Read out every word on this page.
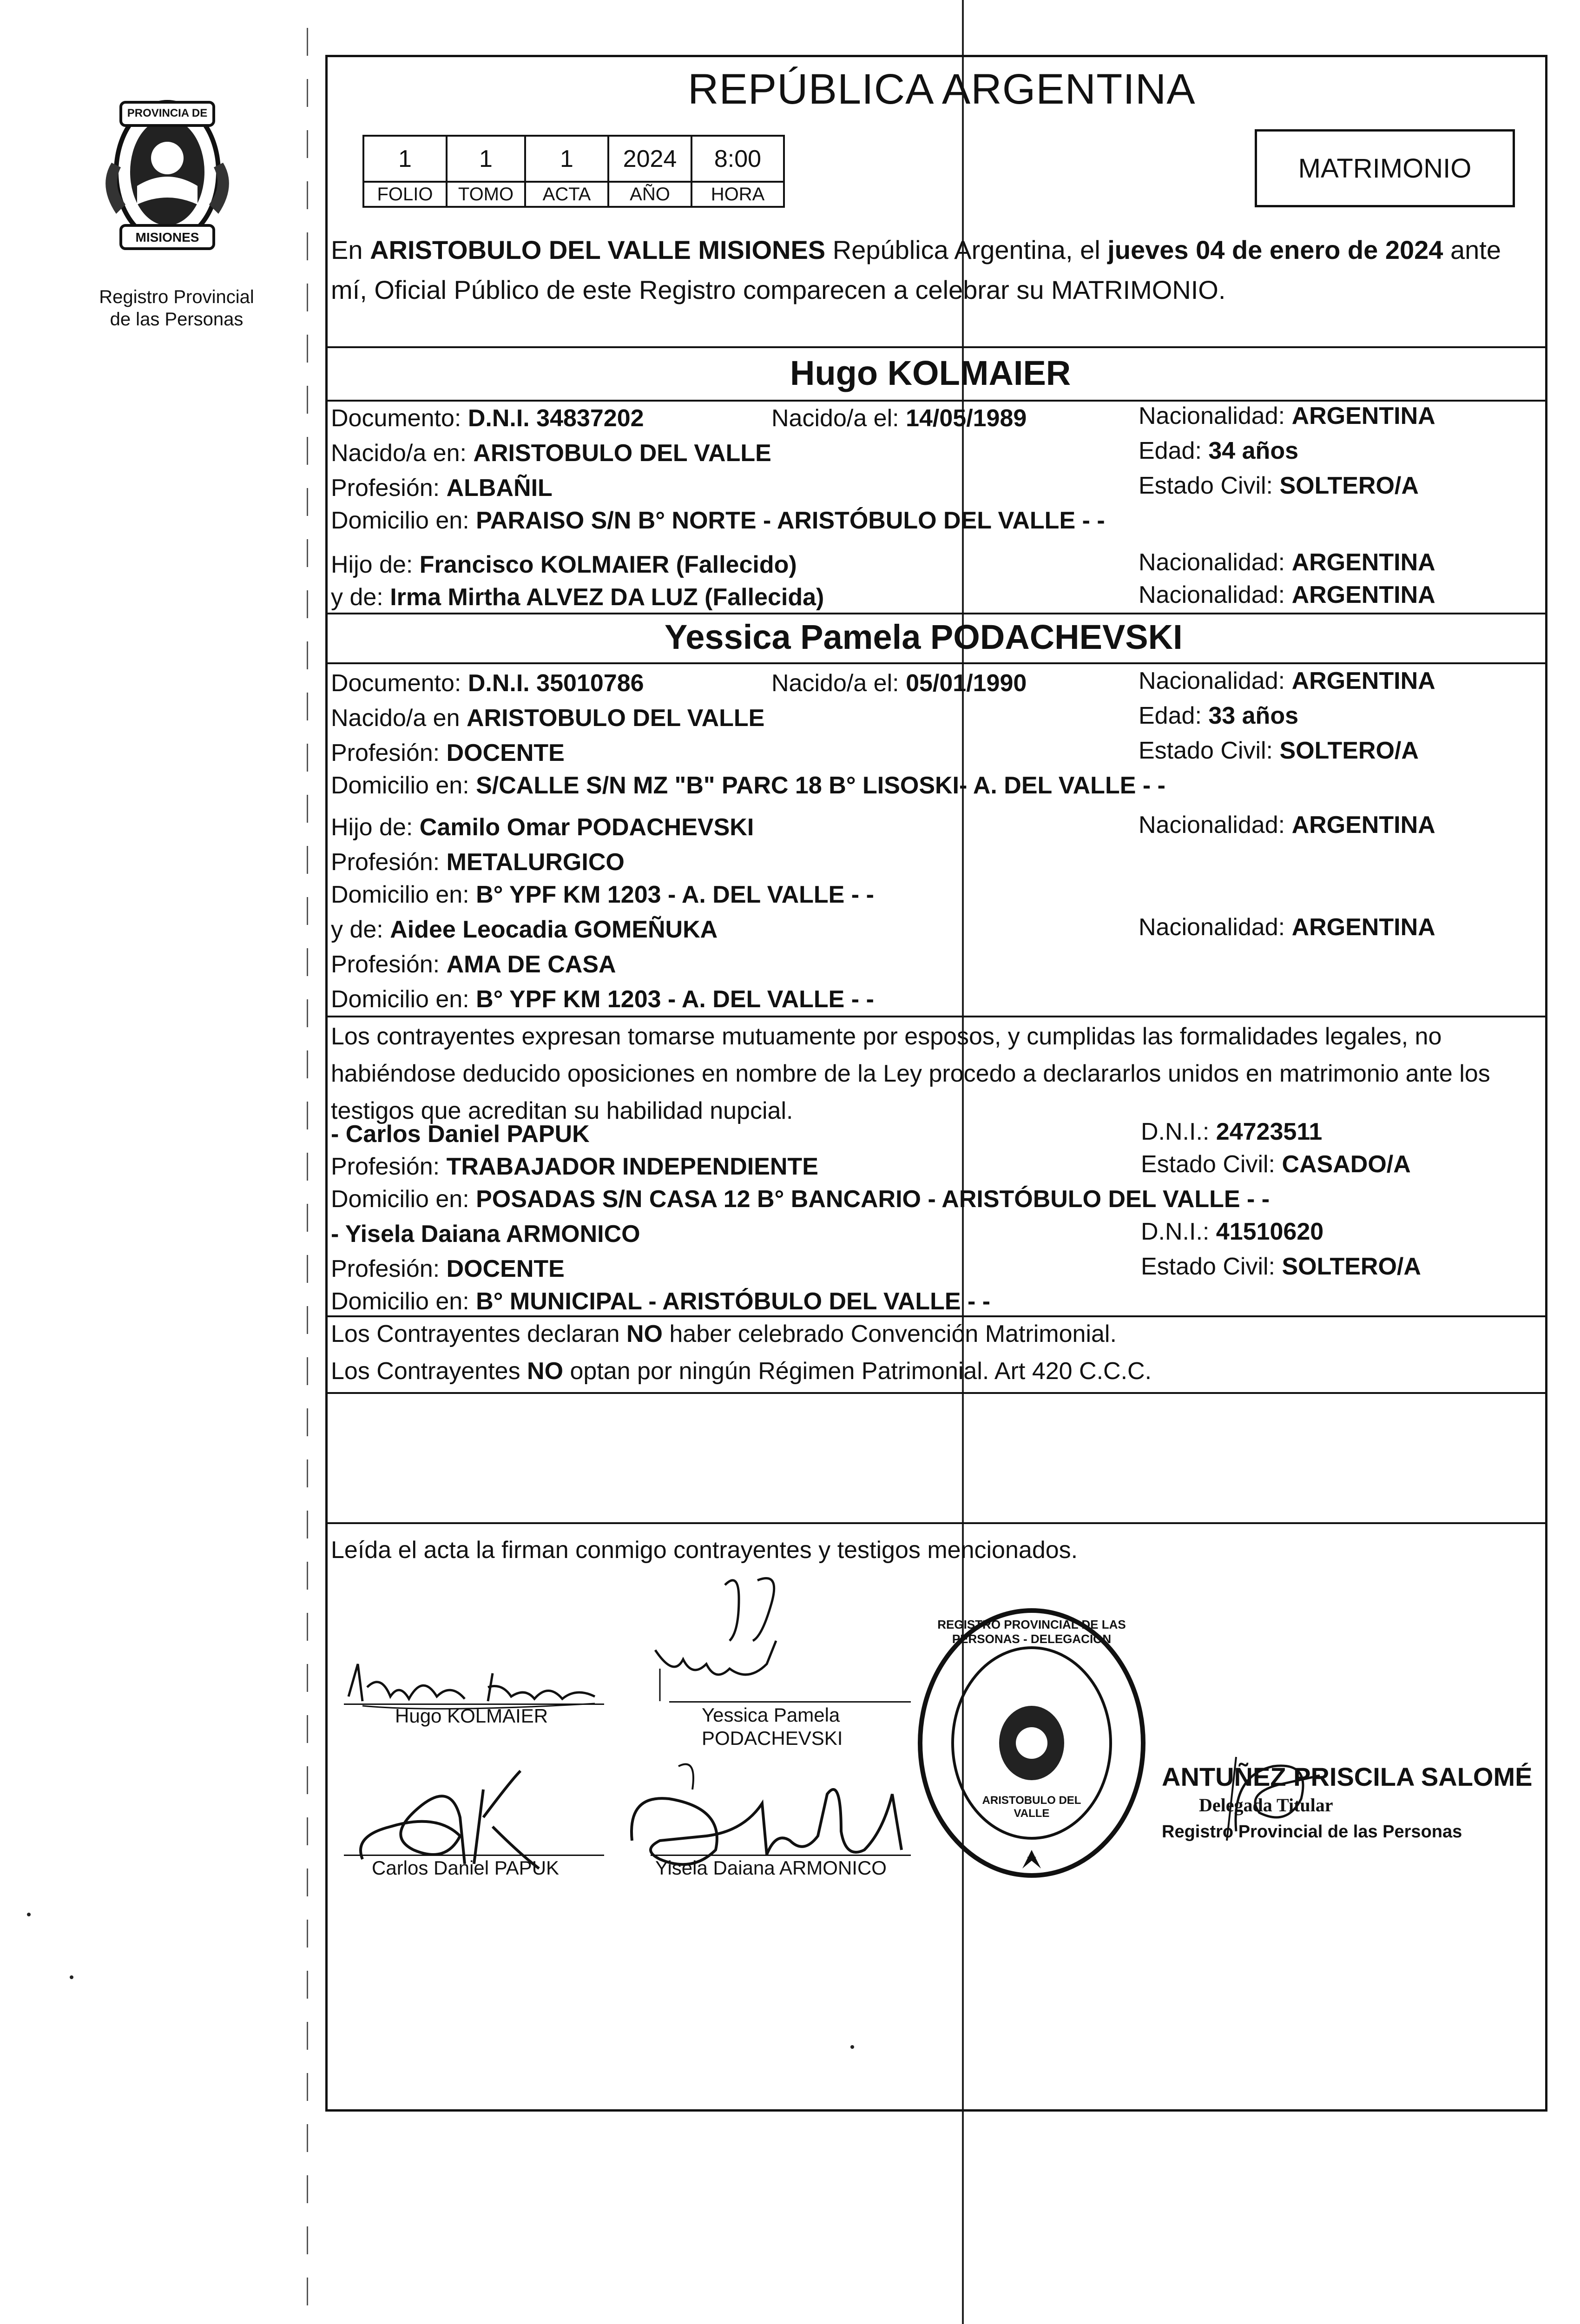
PROVINCIA DE
MISIONES
Registro Provincial
de las Personas
REPÚBLICA ARGENTINA
1	1	1	2024	8:00
FOLIO	TOMO	ACTA	AÑO	HORA
MATRIMONIO
En ARISTOBULO DEL VALLE MISIONES República Argentina, el jueves 04 de enero de 2024 ante mí, Oficial Público de este Registro comparecen a celebrar su MATRIMONIO.
Hugo KOLMAIER
Documento: D.N.I. 34837202	Nacido/a el: 14/05/1989	Nacionalidad: ARGENTINA
Nacido/a en: ARISTOBULO DEL VALLE	Edad: 34 años
Profesión: ALBAÑIL	Estado Civil: SOLTERO/A
Domicilio en: PARAISO S/N B° NORTE - ARISTÓBULO DEL VALLE - -
Hijo de: Francisco KOLMAIER (Fallecido)	Nacionalidad: ARGENTINA
y de: Irma Mirtha ALVEZ DA LUZ (Fallecida)	Nacionalidad: ARGENTINA
Yessica Pamela PODACHEVSKI
Documento: D.N.I. 35010786	Nacido/a el: 05/01/1990	Nacionalidad: ARGENTINA
Nacido/a en ARISTOBULO DEL VALLE	Edad: 33 años
Profesión: DOCENTE	Estado Civil: SOLTERO/A
Domicilio en: S/CALLE S/N MZ "B" PARC 18 B° LISOSKI- A. DEL VALLE - -
Hijo de: Camilo Omar PODACHEVSKI	Nacionalidad: ARGENTINA
Profesión: METALURGICO
Domicilio en: B° YPF KM 1203 - A. DEL VALLE - -
y de: Aidee Leocadia GOMEÑUKA	Nacionalidad: ARGENTINA
Profesión: AMA DE CASA
Domicilio en: B° YPF KM 1203 - A. DEL VALLE - -
Los contrayentes expresan tomarse mutuamente por esposos, y cumplidas las formalidades legales, no habiéndose deducido oposiciones en nombre de la Ley procedo a declararlos unidos en matrimonio ante los testigos que acreditan su habilidad nupcial.
- Carlos Daniel PAPUK	D.N.I.: 24723511
Profesión: TRABAJADOR INDEPENDIENTE	Estado Civil: CASADO/A
Domicilio en: POSADAS S/N CASA 12 B° BANCARIO - ARISTÓBULO DEL VALLE - -
- Yisela Daiana ARMONICO	D.N.I.: 41510620
Profesión: DOCENTE	Estado Civil: SOLTERO/A
Domicilio en: B° MUNICIPAL - ARISTÓBULO DEL VALLE - -
Los Contrayentes declaran NO haber celebrado Convención Matrimonial.
Los Contrayentes NO optan por ningún Régimen Patrimonial. Art 420 C.C.C.
Leída el acta la firman conmigo contrayentes y testigos mencionados.
Hugo KOLMAIER	Yessica Pamela
PODACHEVSKI
Carlos Daniel PAPUK	Yisela Daiana ARMONICO
REGISTRO PROVINCIAL DE LAS PERSONAS - DELEGACION
ARISTOBULO DEL VALLE
ANTUÑEZ PRISCILA SALOMÉ
Delegada Titular
Registro Provincial de las Personas
